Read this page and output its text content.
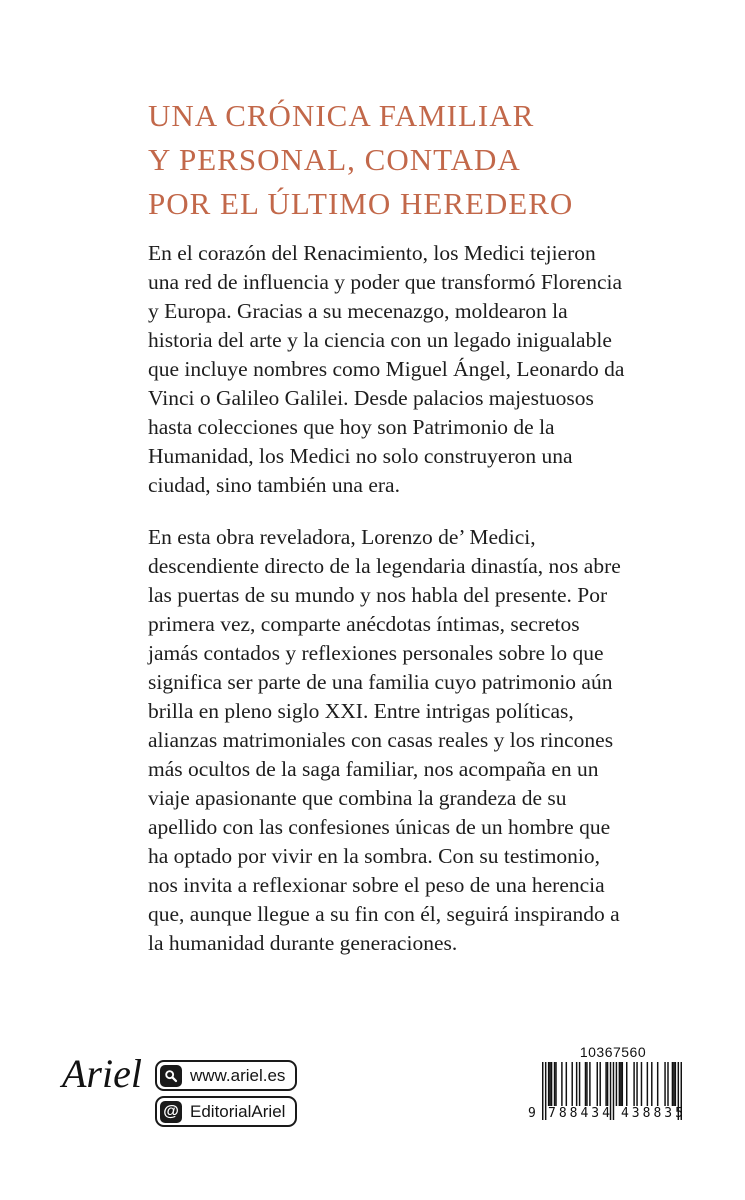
UNA CRÓNICA FAMILIAR
Y PERSONAL, CONTADA
POR EL ÚLTIMO HEREDERO

En el corazón del Renacimiento, los Medici tejieron una red de influencia y poder que transformó Florencia y Europa. Gracias a su mecenazgo, moldearon la historia del arte y la ciencia con un legado inigualable que incluye nombres como Miguel Ángel, Leonardo da Vinci o Galileo Galilei. Desde palacios majestuosos hasta colecciones que hoy son Patrimonio de la Humanidad, los Medici no solo construyeron una ciudad, sino también una era.

En esta obra reveladora, Lorenzo de’ Medici, descendiente directo de la legendaria dinastía, nos abre las puertas de su mundo y nos habla del presente. Por primera vez, comparte anécdotas íntimas, secretos jamás contados y reflexiones personales sobre lo que significa ser parte de una familia cuyo patrimonio aún brilla en pleno siglo XXI. Entre intrigas políticas, alianzas matrimoniales con casas reales y los rincones más ocultos de la saga familiar, nos acompaña en un viaje apasionante que combina la grandeza de su apellido con las confesiones únicas de un hombre que ha optado por vivir en la sombra. Con su testimonio, nos invita a reflexionar sobre el peso de una herencia que, aunque llegue a su fin con él, seguirá inspirando a la humanidad durante generaciones.

Ariel	www.ariel.es
@ EditorialAriel
10367560
9 788434 438835
